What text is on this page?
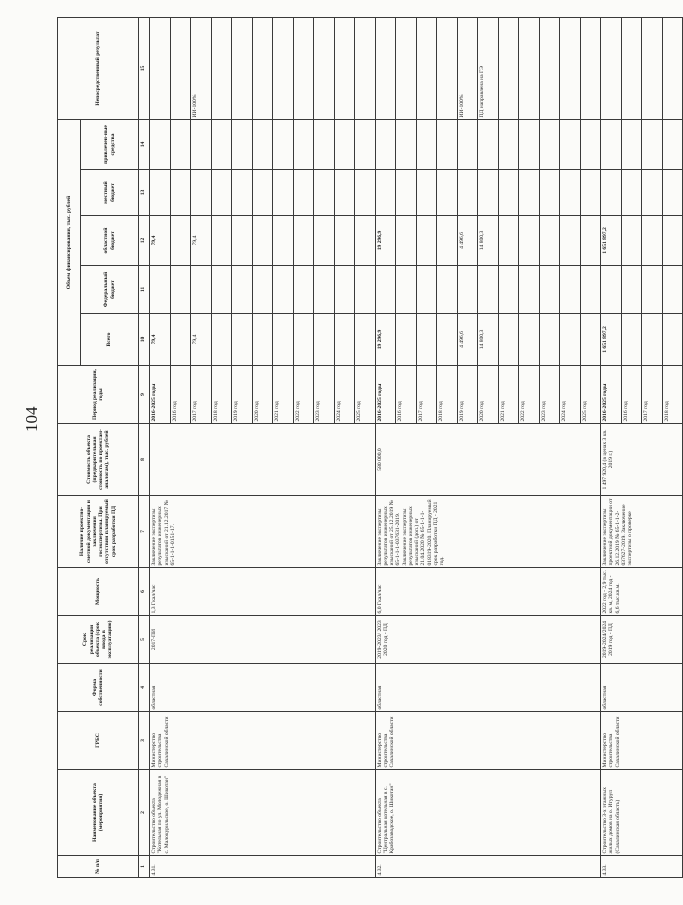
104
№ п/п	Наименование объекта (мероприятия)	ГРБС	Форма собственности	Срок реализации объекта (срок ввода в эксплуатацию)	Мощность	Наличие проектно-сметной документации и заключения госэкспертизы. При отсутствии планируемый срок разработки ПД	Стоимость объекта (предварительная стоимость по проектам-аналогам), тыс. рублей	Период реализации, годы	Объем финансирования, тыс. рублей					Непосредственный результат
									Всего	Федеральный бюджет	областной бюджет	местный бюджет	привлечен-ные средства	
1	2	3	4	5	6	7	8	9	10	11	12	13	14	15
4.31.	Строительство объекта "Котельная по ул. Молодежная в с. Малокурильское, о. Шикотан"	Министерство строительства Сахалинской области	областная	2017-ПИ	1,3 Гкал/час	Заключение экспертизы результатов инженерных изысканий от 21.12.2017 № 65-1-1-1-0151-17.		2016-2025 годы	79,4		79,4			
								2016 год						
								2017 год	79,4		79,4			ИИ-100%
								2018 год						
								2019 год						
								2020 год						
								2021 год						
								2022 год						
								2023 год						
								2024 год						
								2025 год						
4.32.	Строительство объекта "Центральная котельная в с. Крабозаводское, о. Шикотан"	Министерство строительства Сахалинской области	областная	2019-2023/ 2023 2020 год - ПД	6,0 Гкал/час	Заключение экспертизы результатов инженерных изысканий от 25.12.2019 № 65-1-1-1-037631-2019. Заключение экспертизы результатов инженерных изысканий (доп.) от 21.04.2020 № 65-1-1-1-018319-2020. Планируемый срок разработки ПД - 2021 год.	580 000,0	2016-2025 годы	19 296,9		19 296,9			
								2016 год						
								2017 год						
								2018 год						
								2019 год	4 496,6		4 496,6			ИИ-100%
								2020 год	14 800,3		14 800,3			ПД направлена на ГЭ
								2021 год						
								2022 год						
								2023 год						
								2024 год						
								2025 год						
4.33.	Строительство 3-х этажных жилых домов на о. Итуруп (Сахалинская область)	Министерство строительства Сахалинской области	областная	2019-2024/2024 2019 год - ПД	2022 год - 2,9 тыс. кв. м, 2024 год - 6,6 тыс.кв.м.	Заключение экспертизы проектной документации от 26.12.2019 № 65-1-1-2-037627-2019. Заключение экспертизы о проверке	1 497 920,4 (в ценах 3 кв. 2019 г.)	2016-2025 годы	1 651 897,2		1 651 897,2			
								2016 год						
								2017 год						
								2018 год						
